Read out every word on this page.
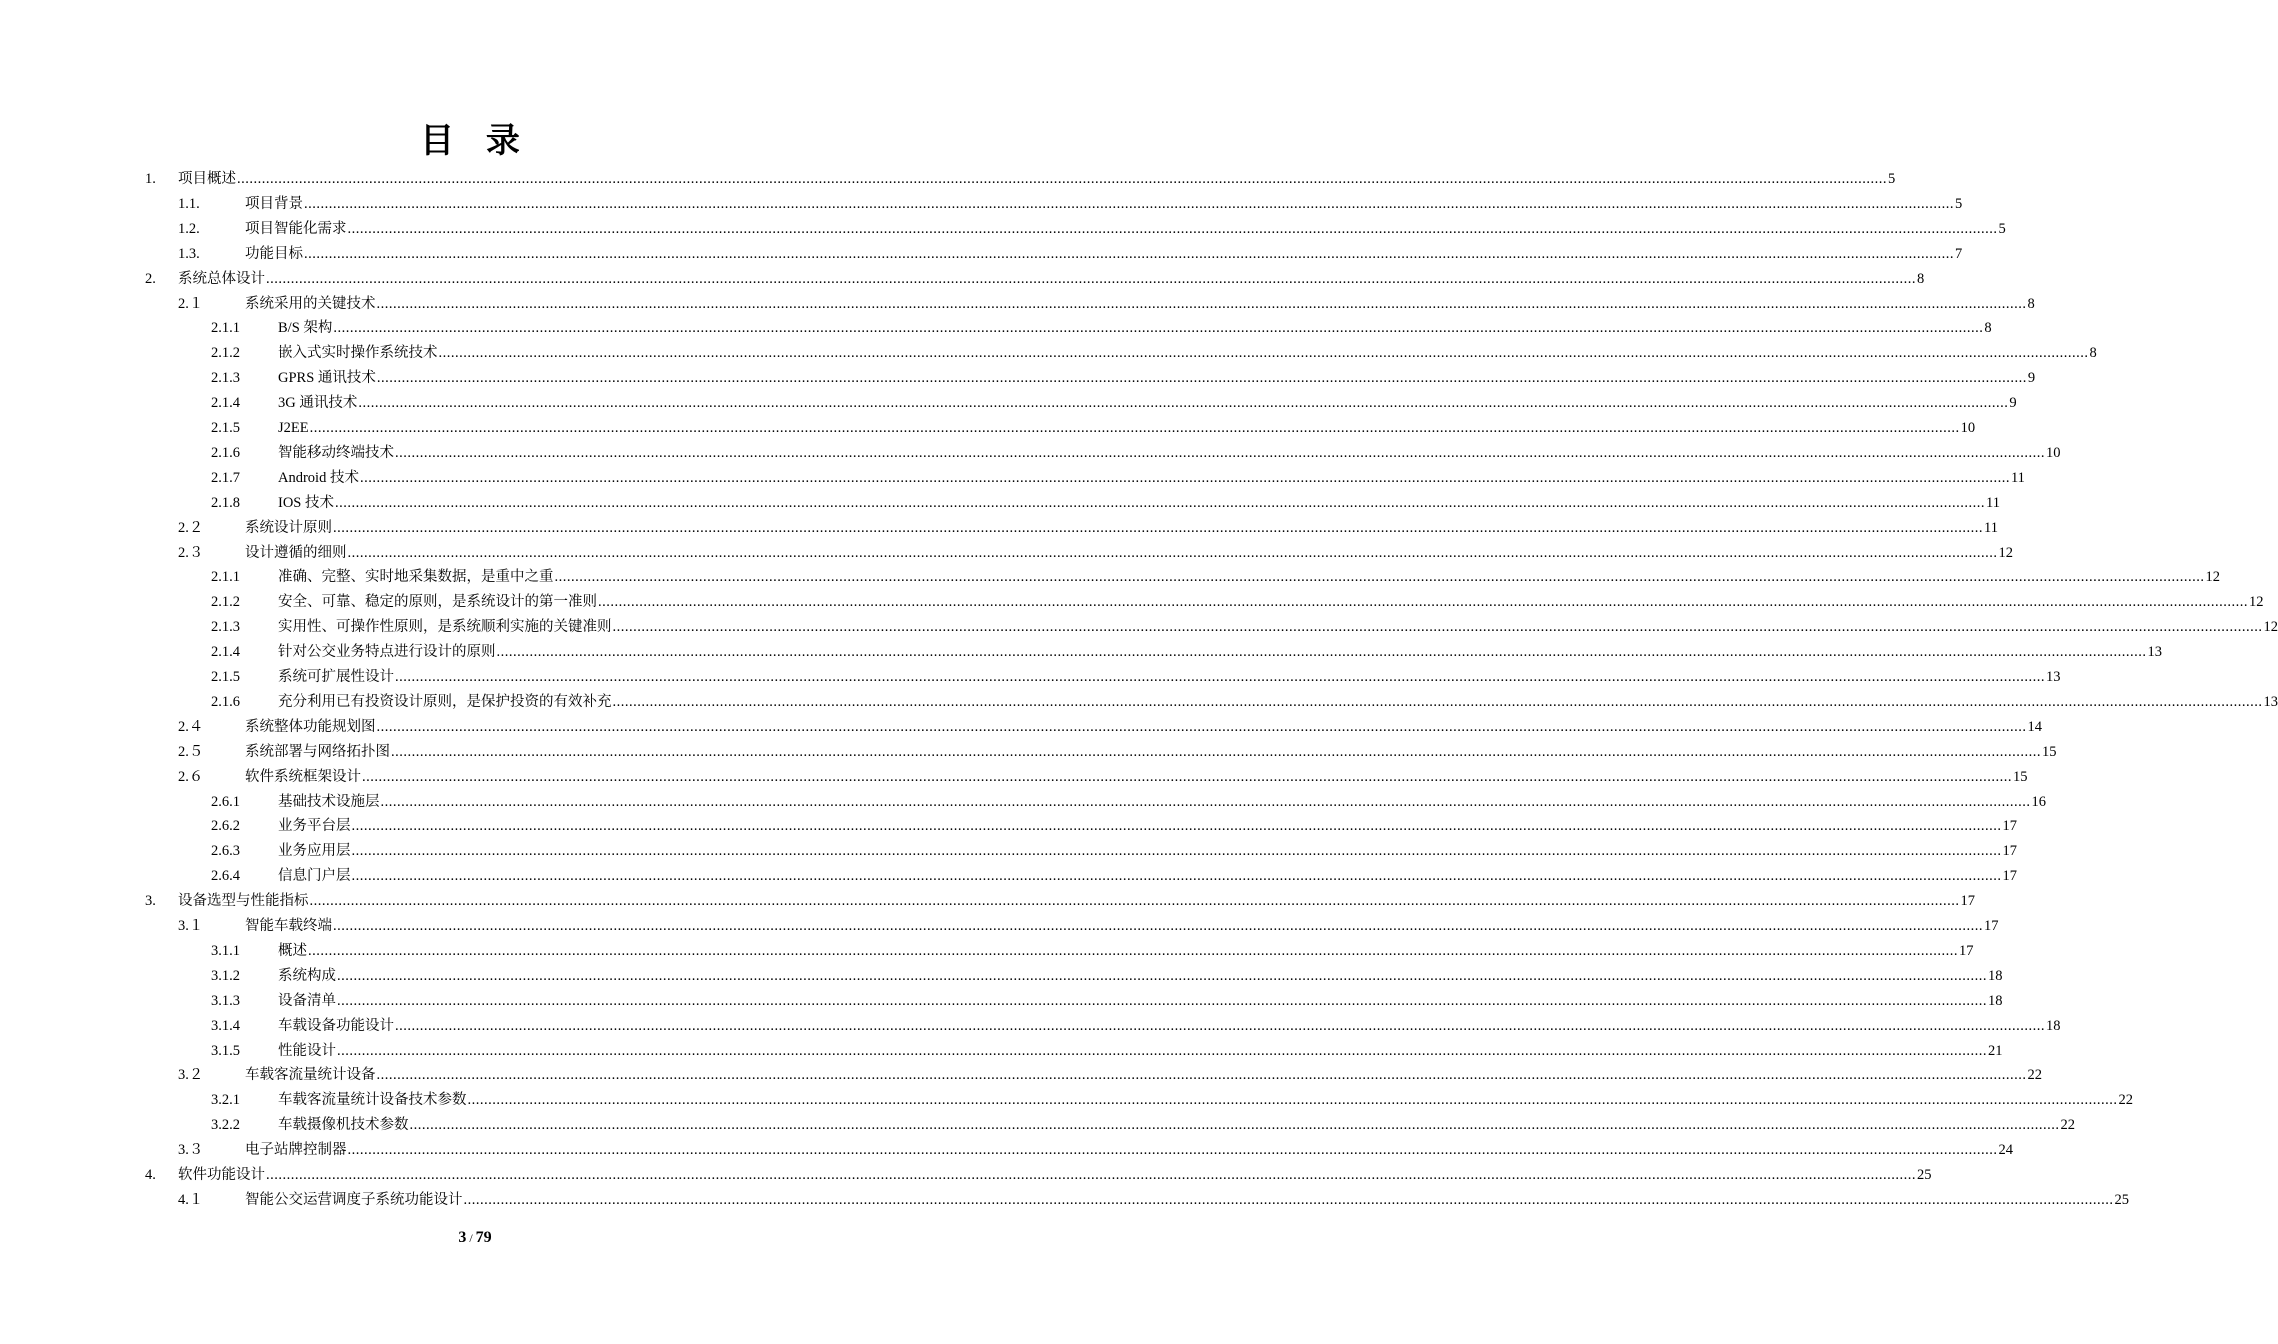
目 录
1. 项目概述 ................................................................................................................................................................................................................................................................................................................................................................................................................ 5
1.1.	项目背景 ................................................................................................................................................................................................................................................................................................................................................................................................................ 5
1.2.	项目智能化需求 ................................................................................................................................................................................................................................................................................................................................................................................................................ 5
1.3.	功能目标 ................................................................................................................................................................................................................................................................................................................................................................................................................ 7
2. 系统总体设计 ................................................................................................................................................................................................................................................................................................................................................................................................................ 8
2.１	系统采用的关键技术 ................................................................................................................................................................................................................................................................................................................................................................................................................ 8
2.1.1	B/S 架构 ................................................................................................................................................................................................................................................................................................................................................................................................................ 8
2.1.2	嵌入式实时操作系统技术 ................................................................................................................................................................................................................................................................................................................................................................................................................ 8
2.1.3	GPRS 通讯技术 ................................................................................................................................................................................................................................................................................................................................................................................................................ 9
2.1.4	3G 通讯技术 ................................................................................................................................................................................................................................................................................................................................................................................................................ 9
2.1.5	J2EE ................................................................................................................................................................................................................................................................................................................................................................................................................ 10
2.1.6	智能移动终端技术 ................................................................................................................................................................................................................................................................................................................................................................................................................ 10
2.1.7	Android 技术 ................................................................................................................................................................................................................................................................................................................................................................................................................ 11
2.1.8	IOS 技术 ................................................................................................................................................................................................................................................................................................................................................................................................................ 11
2.２	系统设计原则 ................................................................................................................................................................................................................................................................................................................................................................................................................ 11
2.３	设计遵循的细则 ................................................................................................................................................................................................................................................................................................................................................................................................................ 12
2.1.1	准确、完整、实时地采集数据，是重中之重 ................................................................................................................................................................................................................................................................................................................................................................................................................ 12
2.1.2	安全、可靠、稳定的原则，是系统设计的第一准则 ................................................................................................................................................................................................................................................................................................................................................................................................................ 12
2.1.3	实用性、可操作性原则，是系统顺利实施的关键准则 ................................................................................................................................................................................................................................................................................................................................................................................................................ 12
2.1.4	针对公交业务特点进行设计的原则 ................................................................................................................................................................................................................................................................................................................................................................................................................ 13
2.1.5	系统可扩展性设计 ................................................................................................................................................................................................................................................................................................................................................................................................................ 13
2.1.6	充分利用已有投资设计原则，是保护投资的有效补充 ................................................................................................................................................................................................................................................................................................................................................................................................................ 13
2.４	系统整体功能规划图 ................................................................................................................................................................................................................................................................................................................................................................................................................ 14
2.５	系统部署与网络拓扑图 ................................................................................................................................................................................................................................................................................................................................................................................................................ 15
2.６	软件系统框架设计 ................................................................................................................................................................................................................................................................................................................................................................................................................ 15
2.6.1	基础技术设施层 ................................................................................................................................................................................................................................................................................................................................................................................................................ 16
2.6.2	业务平台层 ................................................................................................................................................................................................................................................................................................................................................................................................................ 17
2.6.3	业务应用层 ................................................................................................................................................................................................................................................................................................................................................................................................................ 17
2.6.4	信息门户层 ................................................................................................................................................................................................................................................................................................................................................................................................................ 17
3. 设备选型与性能指标 ................................................................................................................................................................................................................................................................................................................................................................................................................ 17
3.１	智能车载终端 ................................................................................................................................................................................................................................................................................................................................................................................................................ 17
3.1.1	概述 ................................................................................................................................................................................................................................................................................................................................................................................................................ 17
3.1.2	系统构成 ................................................................................................................................................................................................................................................................................................................................................................................................................ 18
3.1.3	设备清单 ................................................................................................................................................................................................................................................................................................................................................................................................................ 18
3.1.4	车载设备功能设计 ................................................................................................................................................................................................................................................................................................................................................................................................................ 18
3.1.5	性能设计 ................................................................................................................................................................................................................................................................................................................................................................................................................ 21
3.２	车载客流量统计设备 ................................................................................................................................................................................................................................................................................................................................................................................................................ 22
3.2.1	车载客流量统计设备技术参数 ................................................................................................................................................................................................................................................................................................................................................................................................................ 22
3.2.2	车载摄像机技术参数 ................................................................................................................................................................................................................................................................................................................................................................................................................ 22
3.３	电子站牌控制器 ................................................................................................................................................................................................................................................................................................................................................................................................................ 24
4. 软件功能设计 ................................................................................................................................................................................................................................................................................................................................................................................................................ 25
4.１	智能公交运营调度子系统功能设计 ................................................................................................................................................................................................................................................................................................................................................................................................................ 25
3 / 79
